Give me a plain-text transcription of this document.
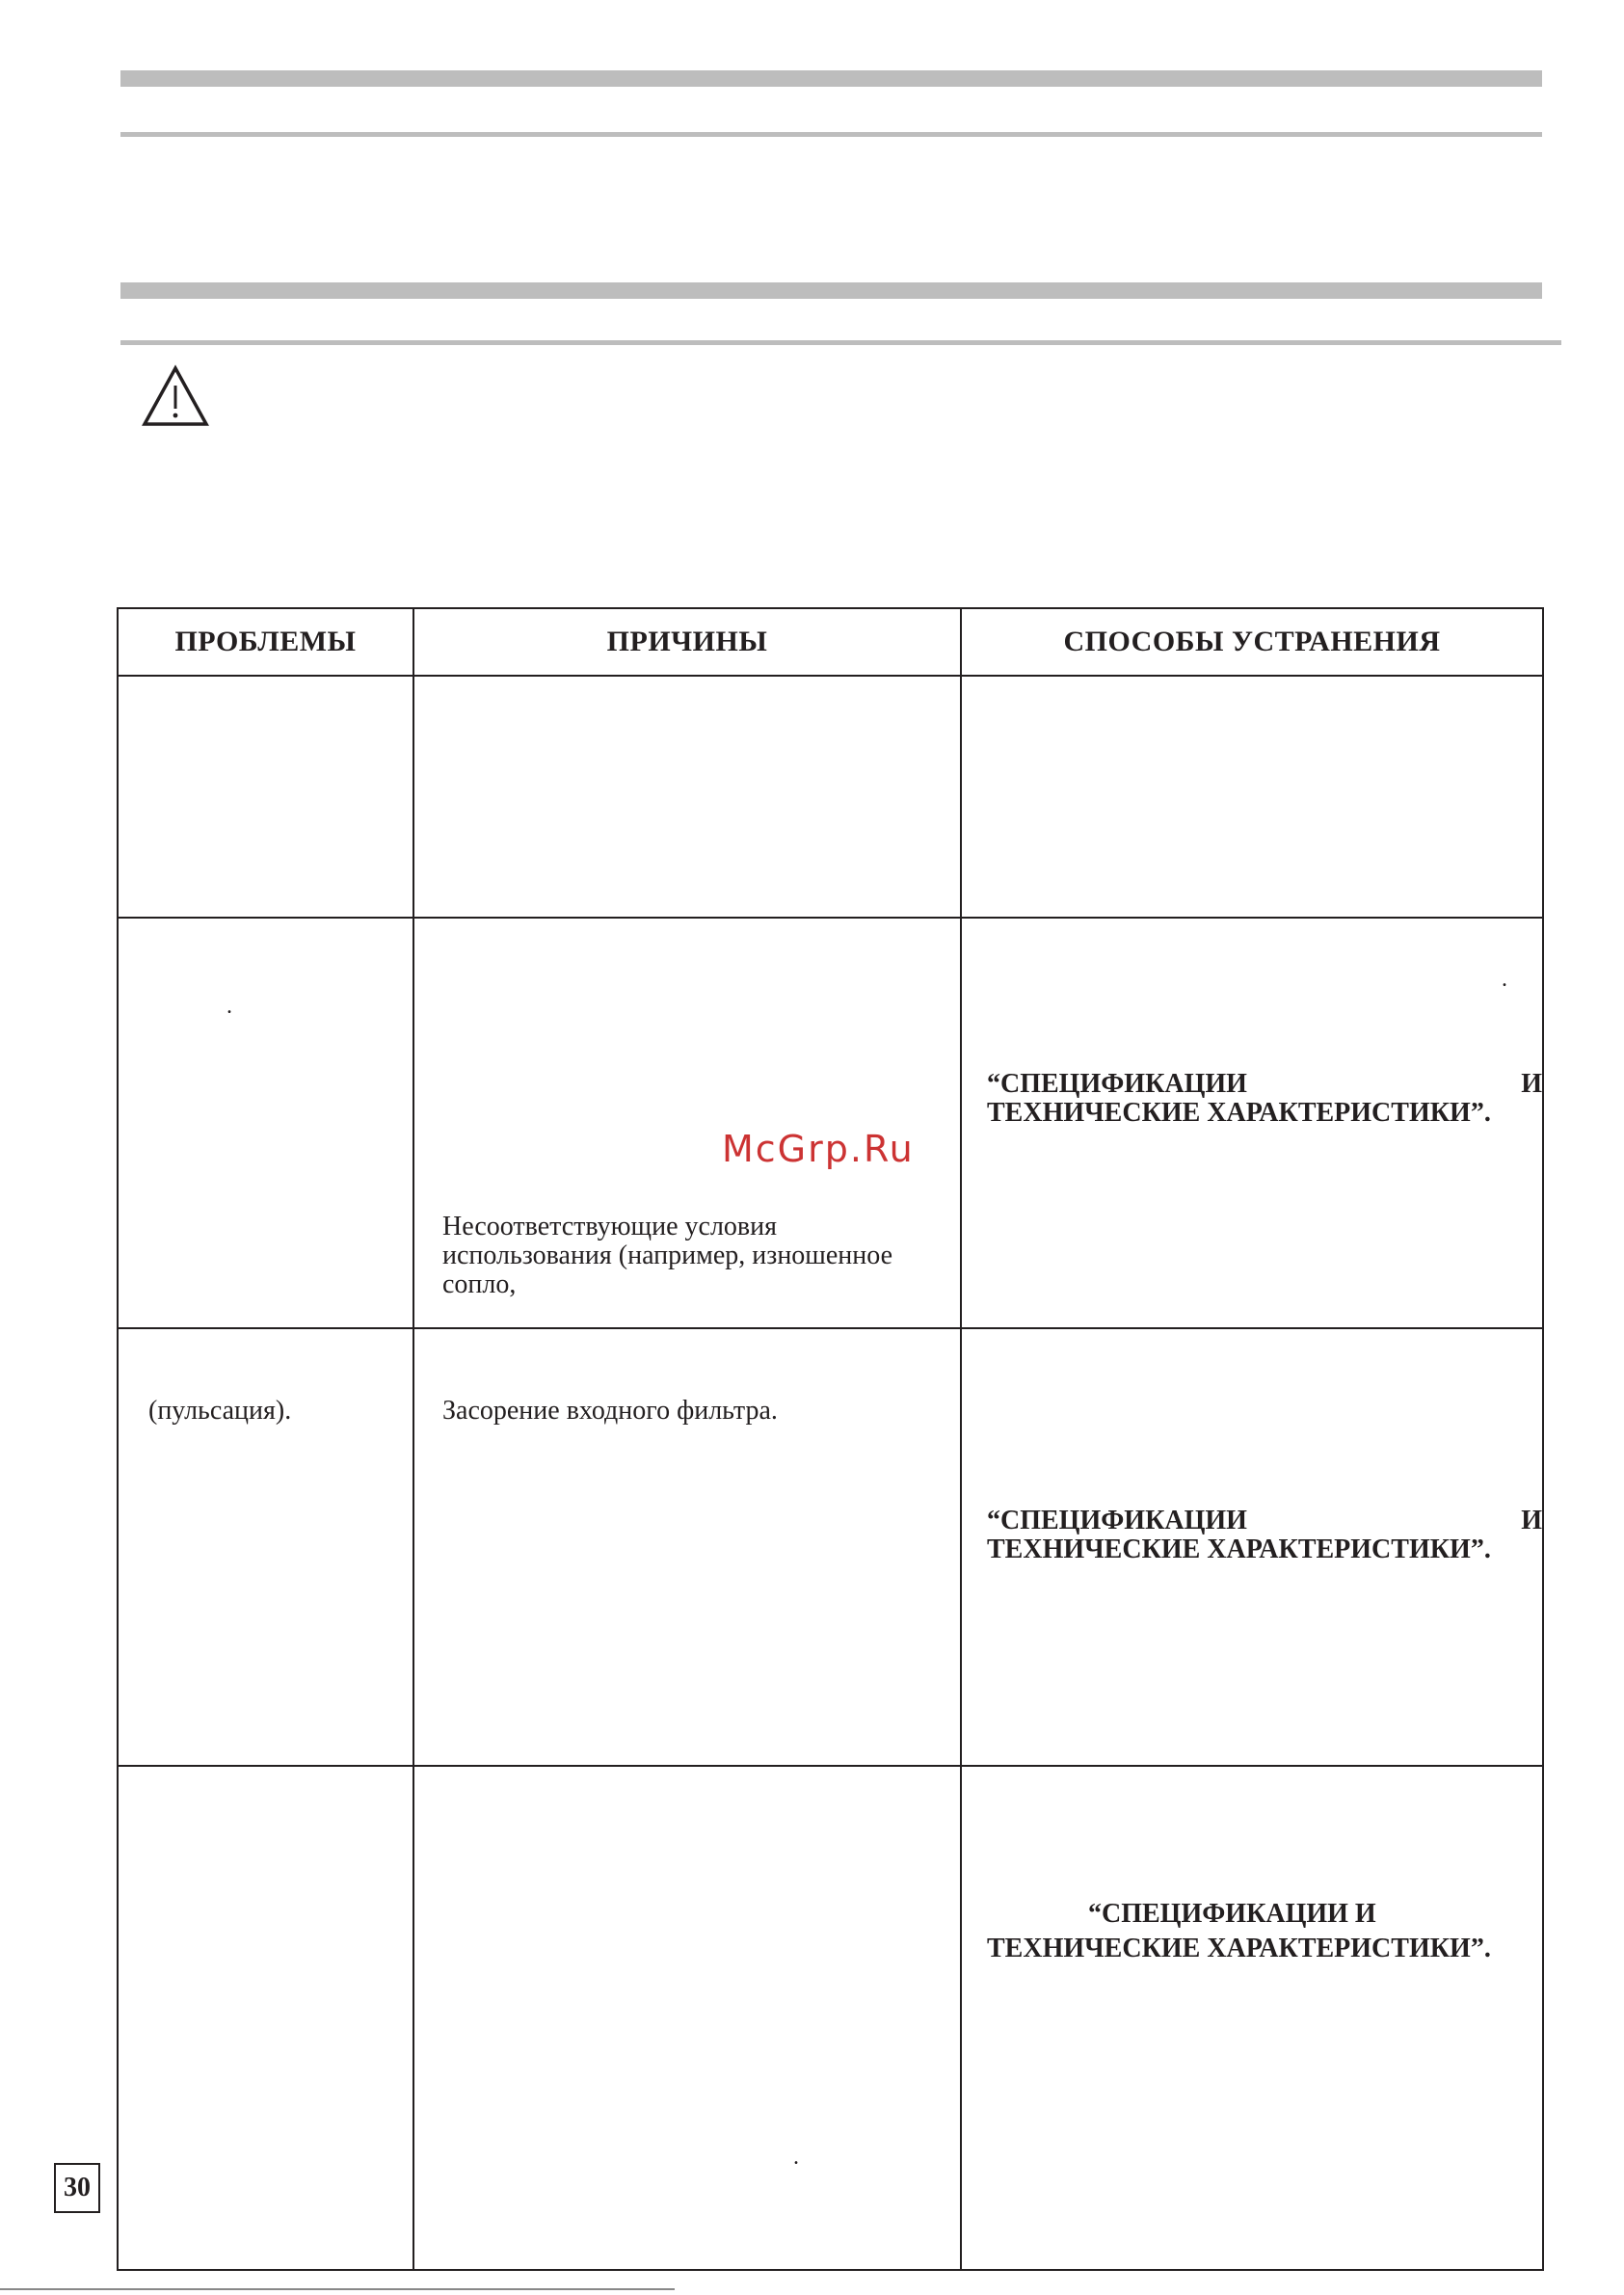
ПРОБЛЕМЫ	ПРИЧИНЫ	СПОСОБЫ УСТРАНЕНИЯ

.	Несоответствующие условия использования (например, изношенное сопло,	.
“СПЕЦИФИКАЦИИ И
ТЕХНИЧЕСКИЕ ХАРАКТЕРИСТИКИ”.

(пульсация).	Засорение входного фильтра.	“СПЕЦИФИКАЦИИ И
ТЕХНИЧЕСКИЕ ХАРАКТЕРИСТИКИ”.

	.	“СПЕЦИФИКАЦИИ И
ТЕХНИЧЕСКИЕ ХАРАКТЕРИСТИКИ”.
McGrp.Ru
30
